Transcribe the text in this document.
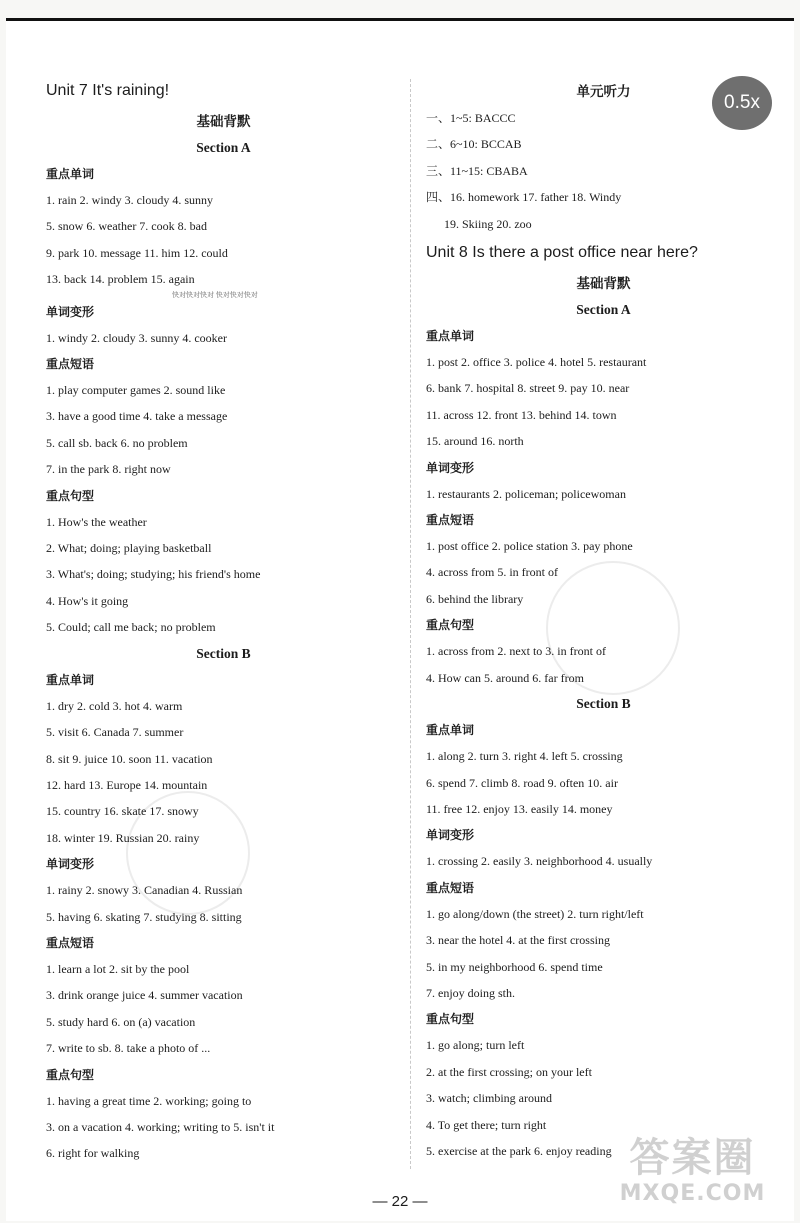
0.5x
Unit 7 It's raining!
基础背默
Section A
重点单词
1. rain 2. windy 3. cloudy 4. sunny
5. snow 6. weather 7. cook 8. bad
9. park 10. message 11. him 12. could
13. back 14. problem 15. again
快对快对快对 快对快对快对
单词变形
1. windy 2. cloudy 3. sunny 4. cooker
重点短语
1. play computer games 2. sound like
3. have a good time 4. take a message
5. call sb. back 6. no problem
7. in the park 8. right now
重点句型
1. How's the weather
2. What; doing; playing basketball
3. What's; doing; studying; his friend's home
4. How's it going
5. Could; call me back; no problem
Section B
重点单词
1. dry 2. cold 3. hot 4. warm
5. visit 6. Canada 7. summer
8. sit 9. juice 10. soon 11. vacation
12. hard 13. Europe 14. mountain
15. country 16. skate 17. snowy
18. winter 19. Russian 20. rainy
单词变形
1. rainy 2. snowy 3. Canadian 4. Russian
5. having 6. skating 7. studying 8. sitting
重点短语
1. learn a lot 2. sit by the pool
3. drink orange juice 4. summer vacation
5. study hard 6. on (a) vacation
7. write to sb. 8. take a photo of ...
重点句型
1. having a great time 2. working; going to
3. on a vacation 4. working; writing to 5. isn't it
6. right for walking
单元听力
一、1~5: BACCC
二、6~10: BCCAB
三、11~15: CBABA
四、16. homework 17. father 18. Windy
19. Skiing 20. zoo
Unit 8 Is there a post office near here?
基础背默
Section A
重点单词
1. post 2. office 3. police 4. hotel 5. restaurant
6. bank 7. hospital 8. street 9. pay 10. near
11. across 12. front 13. behind 14. town
15. around 16. north
单词变形
1. restaurants 2. policeman; policewoman
重点短语
1. post office 2. police station 3. pay phone
4. across from 5. in front of
6. behind the library
重点句型
1. across from 2. next to 3. in front of
4. How can 5. around 6. far from
Section B
重点单词
1. along 2. turn 3. right 4. left 5. crossing
6. spend 7. climb 8. road 9. often 10. air
11. free 12. enjoy 13. easily 14. money
单词变形
1. crossing 2. easily 3. neighborhood 4. usually
重点短语
1. go along/down (the street) 2. turn right/left
3. near the hotel 4. at the first crossing
5. in my neighborhood 6. spend time
7. enjoy doing sth.
重点句型
1. go along; turn left
2. at the first crossing; on your left
3. watch; climbing around
4. To get there; turn right
5. exercise at the park 6. enjoy reading
— 22 —
答案圈
MXQE.COM
